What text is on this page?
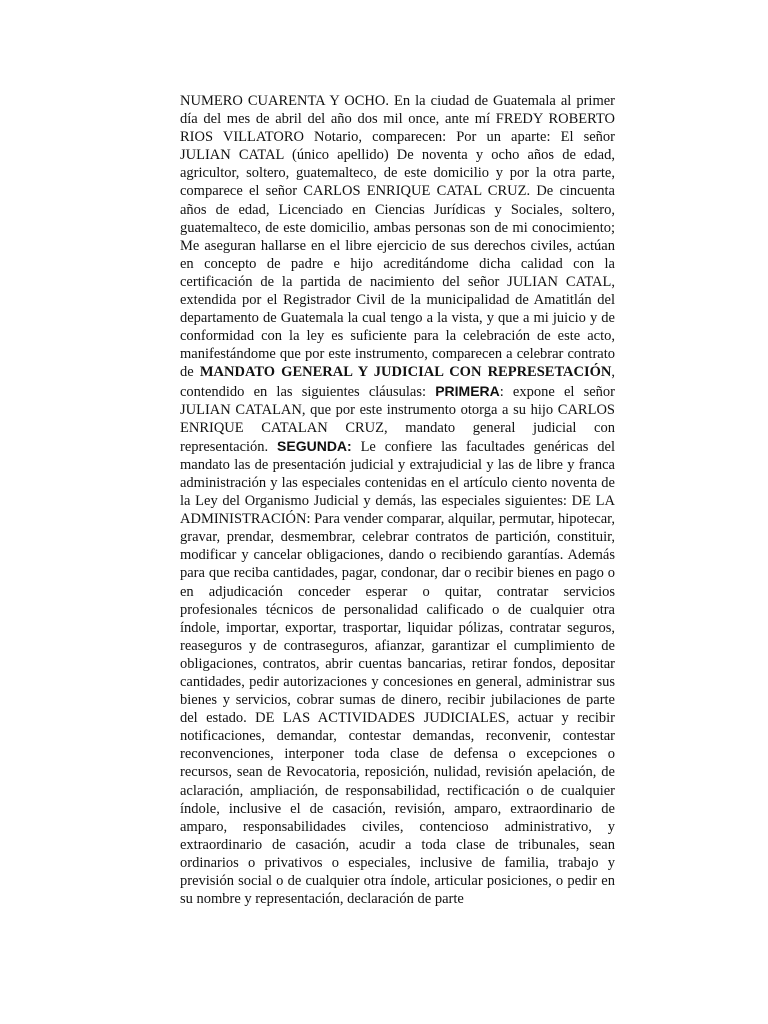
NUMERO CUARENTA Y OCHO. En la ciudad de Guatemala al primer día del mes de abril del año dos mil once, ante mí FREDY ROBERTO RIOS VILLATORO Notario, comparecen: Por un aparte: El señor JULIAN CATAL (único apellido) De noventa y ocho años de edad, agricultor, soltero, guatemalteco, de este domicilio y por la otra parte, comparece el señor CARLOS ENRIQUE CATAL CRUZ. De cincuenta años de edad, Licenciado en Ciencias Jurídicas y Sociales, soltero, guatemalteco, de este domicilio, ambas personas son de mi conocimiento; Me aseguran hallarse en el libre ejercicio de sus derechos civiles, actúan en concepto de padre e hijo acreditándome dicha calidad con la certificación de la partida de nacimiento del señor JULIAN CATAL, extendida por el Registrador Civil de la municipalidad de Amatitlán del departamento de Guatemala la cual tengo a la vista, y que a mi juicio y de conformidad con la ley es suficiente para la celebración de este acto, manifestándome que por este instrumento, comparecen a celebrar contrato de MANDATO GENERAL Y JUDICIAL CON REPRESETACIÓN, contendido en las siguientes cláusulas: PRIMERA: expone el señor JULIAN CATALAN, que por este instrumento otorga a su hijo CARLOS ENRIQUE CATALAN CRUZ, mandato general judicial con representación. SEGUNDA: Le confiere las facultades genéricas del mandato las de presentación judicial y extrajudicial y las de libre y franca administración y las especiales contenidas en el artículo ciento noventa de la Ley del Organismo Judicial y demás, las especiales siguientes: DE LA ADMINISTRACIÓN: Para vender comparar, alquilar, permutar, hipotecar, gravar, prendar, desmembrar, celebrar contratos de partición, constituir, modificar y cancelar obligaciones, dando o recibiendo garantías. Además para que reciba cantidades, pagar, condonar, dar o recibir bienes en pago o en adjudicación conceder esperar o quitar, contratar servicios profesionales técnicos de personalidad calificado o de cualquier otra índole, importar, exportar, trasportar, liquidar pólizas, contratar seguros, reaseguros y de contraseguros, afianzar, garantizar el cumplimiento de obligaciones, contratos, abrir cuentas bancarias, retirar fondos, depositar cantidades, pedir autorizaciones y concesiones en general, administrar sus bienes y servicios, cobrar sumas de dinero, recibir jubilaciones de parte del estado. DE LAS ACTIVIDADES JUDICIALES, actuar y recibir notificaciones, demandar, contestar demandas, reconvenir, contestar reconvenciones, interponer toda clase de defensa o excepciones o recursos, sean de Revocatoria, reposición, nulidad, revisión apelación, de aclaración, ampliación, de responsabilidad, rectificación o de cualquier índole, inclusive el de casación, revisión, amparo, extraordinario de amparo, responsabilidades civiles, contencioso administrativo, y extraordinario de casación, acudir a toda clase de tribunales, sean ordinarios o privativos o especiales, inclusive de familia, trabajo y previsión social o de cualquier otra índole, articular posiciones, o pedir en su nombre y representación, declaración de parte
